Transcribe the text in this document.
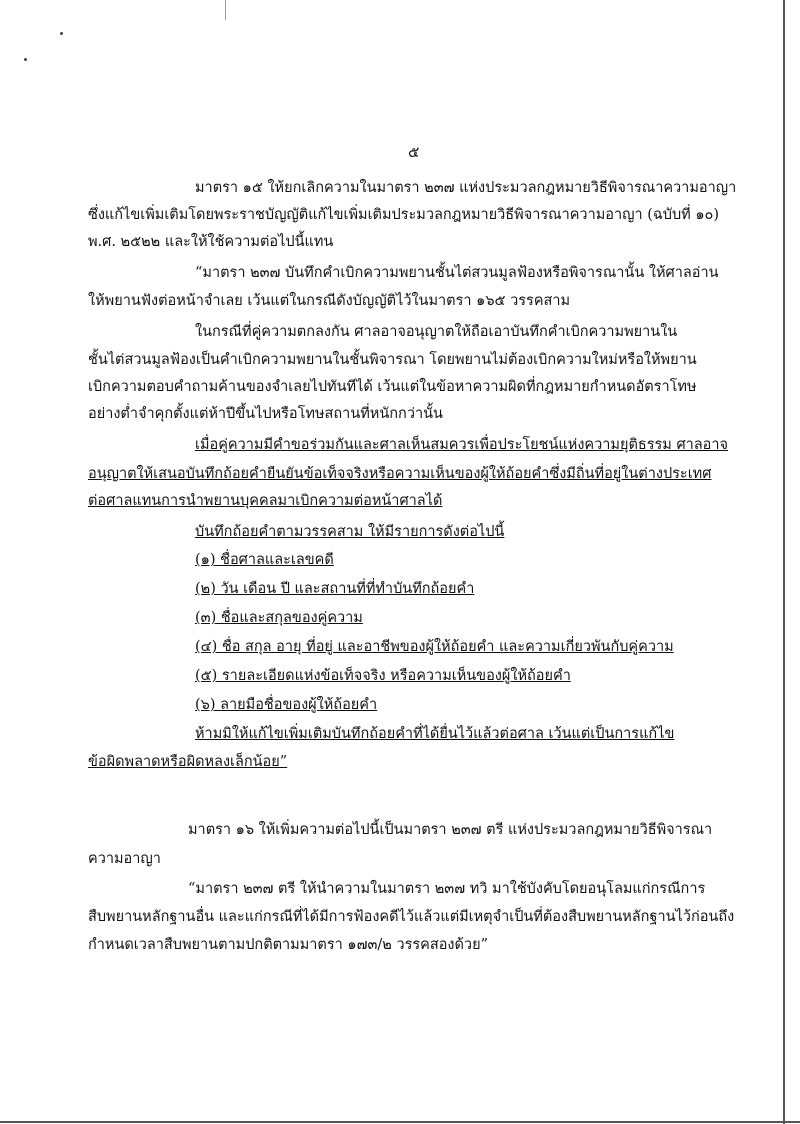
๕
มาตรา ๑๕ ให้ยกเลิกความในมาตรา ๒๓๗ แห่งประมวลกฎหมายวิธีพิจารณาความอาญา
ซึ่งแก้ไขเพิ่มเติมโดยพระราชบัญญัติแก้ไขเพิ่มเติมประมวลกฎหมายวิธีพิจารณาความอาญา (ฉบับที่ ๑๐)
พ.ศ. ๒๕๒๒ และให้ใช้ความต่อไปนี้แทน
“มาตรา ๒๓๗ บันทึกคำเบิกความพยานชั้นไต่สวนมูลฟ้องหรือพิจารณานั้น ให้ศาลอ่าน
ให้พยานฟังต่อหน้าจำเลย เว้นแต่ในกรณีดังบัญญัติไว้ในมาตรา ๑๖๕ วรรคสาม
ในกรณีที่คู่ความตกลงกัน ศาลอาจอนุญาตให้ถือเอาบันทึกคำเบิกความพยานใน
ชั้นไต่สวนมูลฟ้องเป็นคำเบิกความพยานในชั้นพิจารณา โดยพยานไม่ต้องเบิกความใหม่หรือให้พยาน
เบิกความตอบคำถามค้านของจำเลยไปทันทีได้ เว้นแต่ในข้อหาความผิดที่กฎหมายกำหนดอัตราโทษ
อย่างต่ำจำคุกตั้งแต่ห้าปีขึ้นไปหรือโทษสถานที่หนักกว่านั้น
เมื่อคู่ความมีคำขอร่วมกันและศาลเห็นสมควรเพื่อประโยชน์แห่งความยุติธรรม ศาลอาจ
อนุญาตให้เสนอบันทึกถ้อยคำยืนยันข้อเท็จจริงหรือความเห็นของผู้ให้ถ้อยคำซึ่งมีถิ่นที่อยู่ในต่างประเทศ
ต่อศาลแทนการนำพยานบุคคลมาเบิกความต่อหน้าศาลได้
บันทึกถ้อยคำตามวรรคสาม ให้มีรายการดังต่อไปนี้
(๑) ชื่อศาลและเลขคดี
(๒) วัน เดือน ปี และสถานที่ที่ทำบันทึกถ้อยคำ
(๓) ชื่อและสกุลของคู่ความ
(๔) ชื่อ สกุล อายุ ที่อยู่ และอาชีพของผู้ให้ถ้อยคำ และความเกี่ยวพันกับคู่ความ
(๕) รายละเอียดแห่งข้อเท็จจริง หรือความเห็นของผู้ให้ถ้อยคำ
(๖) ลายมือชื่อของผู้ให้ถ้อยคำ
ห้ามมิให้แก้ไขเพิ่มเติมบันทึกถ้อยคำที่ได้ยื่นไว้แล้วต่อศาล เว้นแต่เป็นการแก้ไข
ข้อผิดพลาดหรือผิดหลงเล็กน้อย”
มาตรา ๑๖ ให้เพิ่มความต่อไปนี้เป็นมาตรา ๒๓๗ ตรี แห่งประมวลกฎหมายวิธีพิจารณา
ความอาญา
“มาตรา ๒๓๗ ตรี ให้นำความในมาตรา ๒๓๗ ทวิ มาใช้บังคับโดยอนุโลมแก่กรณีการ
สืบพยานหลักฐานอื่น และแก่กรณีที่ได้มีการฟ้องคดีไว้แล้วแต่มีเหตุจำเป็นที่ต้องสืบพยานหลักฐานไว้ก่อนถึง
กำหนดเวลาสืบพยานตามปกติตามมาตรา ๑๗๓/๒ วรรคสองด้วย”
